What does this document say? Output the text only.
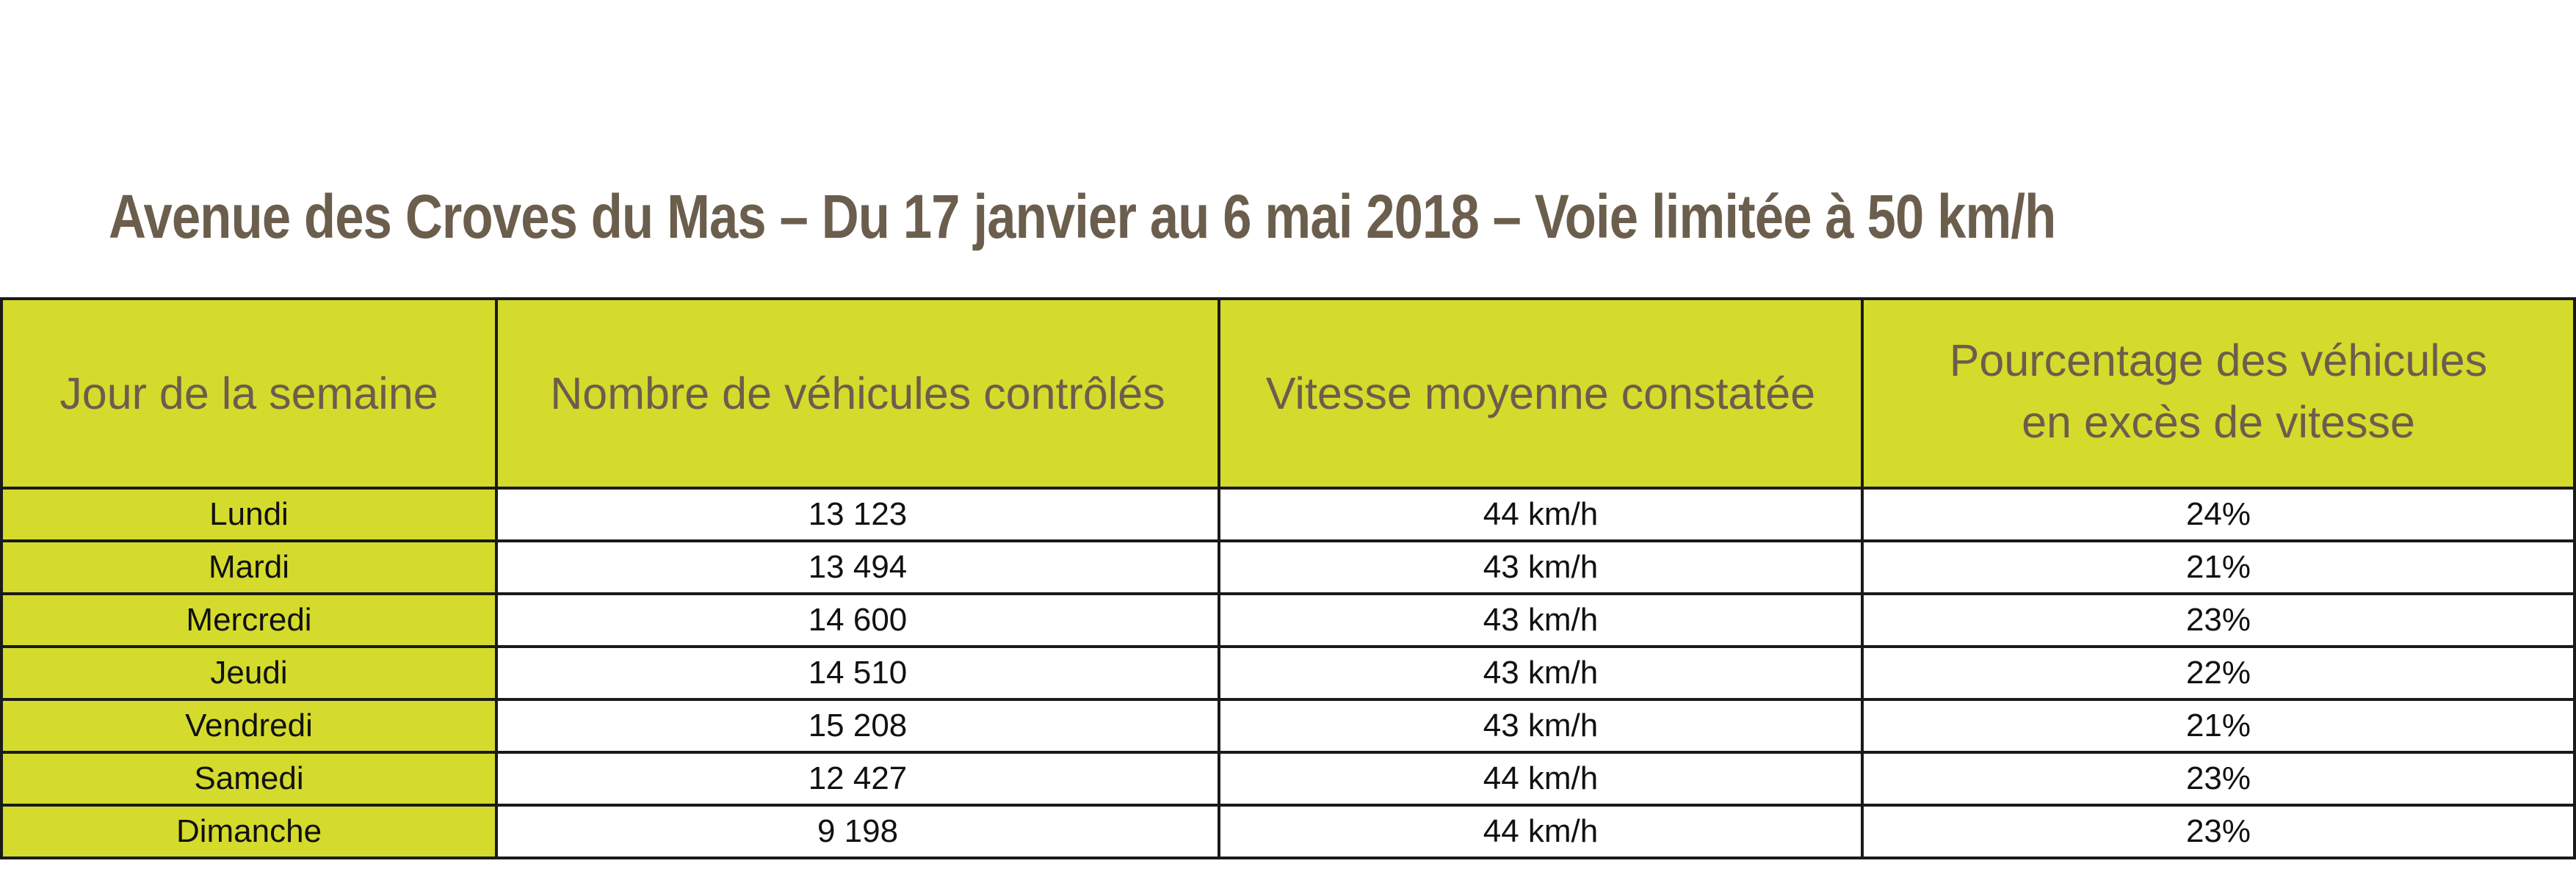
Avenue des Croves du Mas – Du 17 janvier au 6 mai 2018 – Voie limitée à 50 km/h
Jour de la semaine	Nombre de véhicules contrôlés	Vitesse moyenne constatée	Pourcentage des véhicules
en excès de vitesse
Lundi	13 123	44 km/h	24%
Mardi	13 494	43 km/h	21%
Mercredi	14 600	43 km/h	23%
Jeudi	14 510	43 km/h	22%
Vendredi	15 208	43 km/h	21%
Samedi	12 427	44 km/h	23%
Dimanche	9 198	44 km/h	23%
